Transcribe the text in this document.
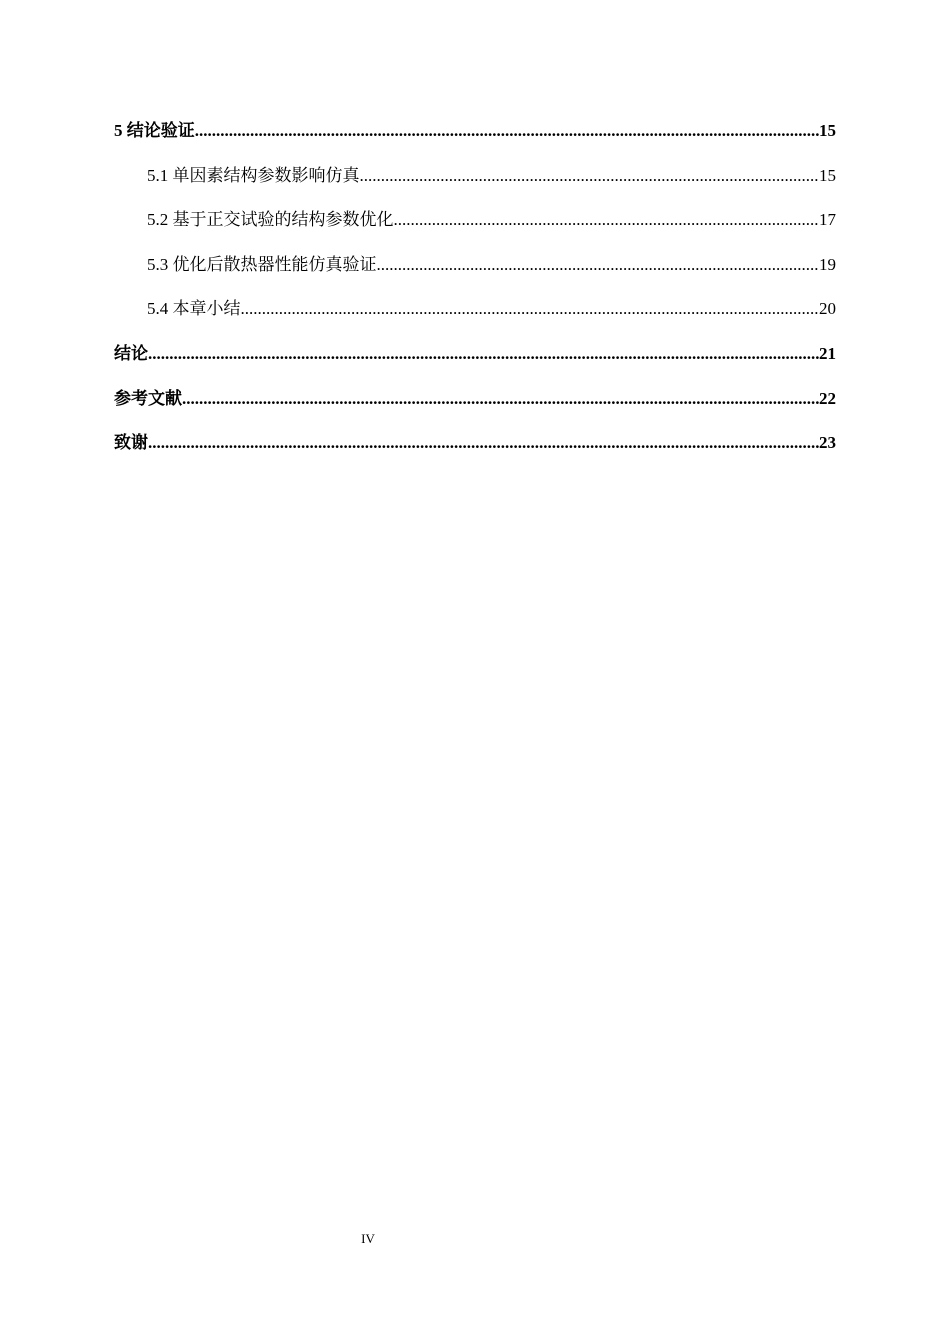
5 结论验证 .....	15
5.1 单因素结构参数影响仿真 .....	15
5.2 基于正交试验的结构参数优化 .....	17
5.3 优化后散热器性能仿真验证 .....	19
5.4 本章小结 .....	20
结论 .....	21
参考文献 .....	22
致谢 .....	23
IV
